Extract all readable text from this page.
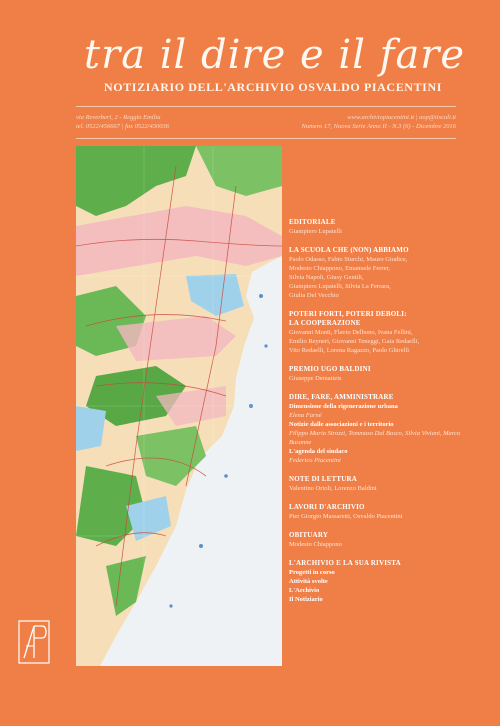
tra il dire e il fare
NOTIZIARIO DELL'ARCHIVIO OSVALDO PIACENTINI
via Reverberi, 2 - Reggio Emilia
tel. 0522/456667 | fax 0522/430036
www.archiviopiacentini.it | aop@tiscali.it
Numero 17, Nuova Serie Anno II - N.3 (6) - Dicembre 2016
EDITORIALE
Giampiero Lupatelli
LA SCUOLA CHE (NON) ABBIAMO
Paolo Odasso, Fabio Sturchi, Mauro Giudice,
Modesto Chiappono, Emanuele Ferrer,
Silvia Napoli, Giusy Gentili,
Giampiero Lupatelli, Silvia La Ferrara,
Giulia Del Vecchio
POTERI FORTI, POTERI DEBOLI:
LA COOPERAZIONE
Giovanni Monti, Flavio Delbono, Ivana Fellini,
Emilio Reyneri, Giovanni Teneggi, Gaia Redaelli,
Vito Redaelli, Lorena Ragazzo, Paolo Ghirelli
PREMIO UGO BALDINI
Giuseppe Dematteis
DIRE, FARE, AMMINISTRARE
Dimensione della rigenerazione urbana
Elena Farné
Notizie dalle associazioni e i territorio
Filippo Maria Strozzi, Tommaso Dal Bosco, Silvia Viviani, Marco Busanne
L'agenda del sindaco
Federico Piacentini
NOTE DI LETTURA
Valentino Orioli, Lorenzo Baldini
LAVORI D'ARCHIVIO
Pier Giorgio Massaretti, Osvaldo Piacentini
OBITUARY
Modesto Chiappono
L'ARCHIVIO E LA SUA RIVISTA
Progetti in corso
Attività svolte
L'Archivio
Il Notiziario
